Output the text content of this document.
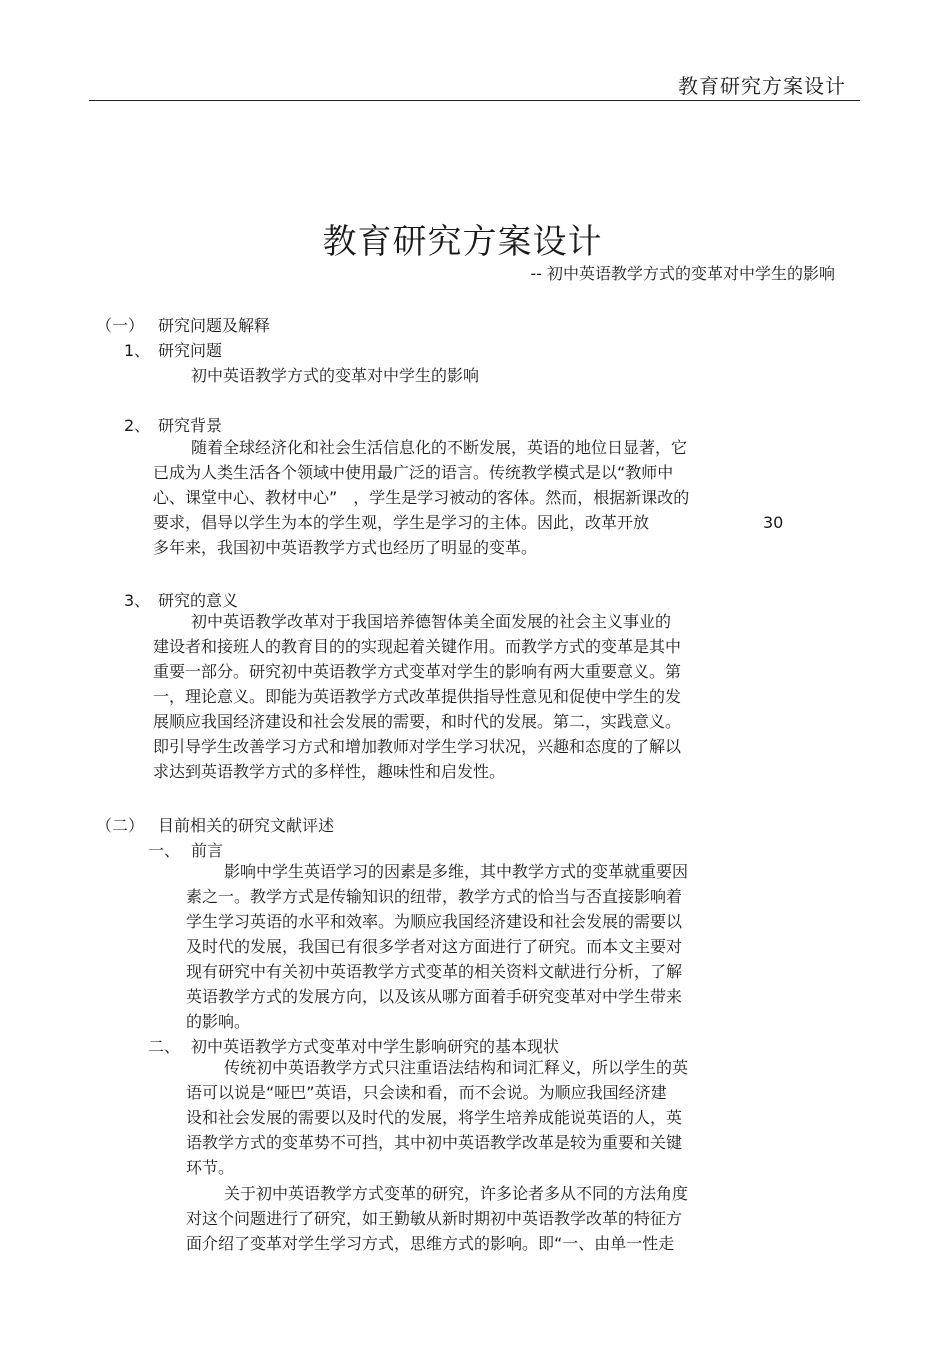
教育研究方案设计
教育研究方案设计
-- 初中英语教学方式的变革对中学生的影响
（一） 研究问题及解释
1、 研究问题
初中英语教学方式的变革对中学生的影响
2、 研究背景
随着全球经济化和社会生活信息化的不断发展，英语的地位日显著，它
已成为人类生活各个领域中使用最广泛的语言。传统教学模式是以“教师中
心、课堂中心、教材中心”　，学生是学习被动的客体。然而，根据新课改的
要求，倡导以学生为本的学生观，学生是学习的主体。因此，改革开放
多年来，我国初中英语教学方式也经历了明显的变革。
30
3、 研究的意义
初中英语教学改革对于我国培养德智体美全面发展的社会主义事业的
建设者和接班人的教育目的的实现起着关键作用。而教学方式的变革是其中
重要一部分。研究初中英语教学方式变革对学生的影响有两大重要意义。第
一，理论意义。即能为英语教学方式改革提供指导性意见和促使中学生的发
展顺应我国经济建设和社会发展的需要，和时代的发展。第二，实践意义。
即引导学生改善学习方式和增加教师对学生学习状况，兴趣和态度的了解以
求达到英语教学方式的多样性，趣味性和启发性。
（二） 目前相关的研究文献评述
一、 前言
影响中学生英语学习的因素是多维，其中教学方式的变革就重要因
素之一。教学方式是传输知识的纽带，教学方式的恰当与否直接影响着
学生学习英语的水平和效率。为顺应我国经济建设和社会发展的需要以
及时代的发展，我国已有很多学者对这方面进行了研究。而本文主要对
现有研究中有关初中英语教学方式变革的相关资料文献进行分析，了解
英语教学方式的发展方向，以及该从哪方面着手研究变革对中学生带来
的影响。
二、 初中英语教学方式变革对中学生影响研究的基本现状
传统初中英语教学方式只注重语法结构和词汇释义，所以学生的英
语可以说是“哑巴”英语，只会读和看，而不会说。为顺应我国经济建
设和社会发展的需要以及时代的发展，将学生培养成能说英语的人，英
语教学方式的变革势不可挡，其中初中英语教学改革是较为重要和关键
环节。
关于初中英语教学方式变革的研究，许多论者多从不同的方法角度
对这个问题进行了研究，如王勤敏从新时期初中英语教学改革的特征方
面介绍了变革对学生学习方式，思维方式的影响。即“一、由单一性走
